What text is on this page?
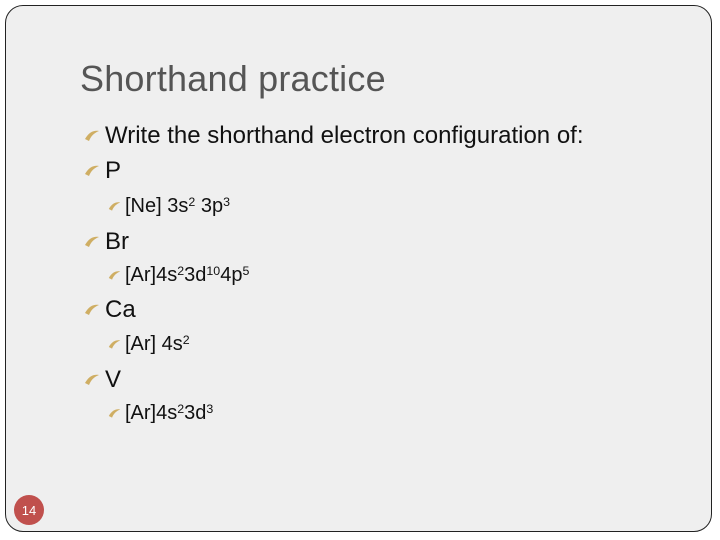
Shorthand practice
Write the shorthand electron configuration of:
P
[Ne] $3s^2$ $3p^3$
Br
$[Ar]4s^2$ $3d^{10}$ $4p^5$
Ca
[Ar] $4s^2$
V
$[Ar]4s^2$ $3d^3$
14
